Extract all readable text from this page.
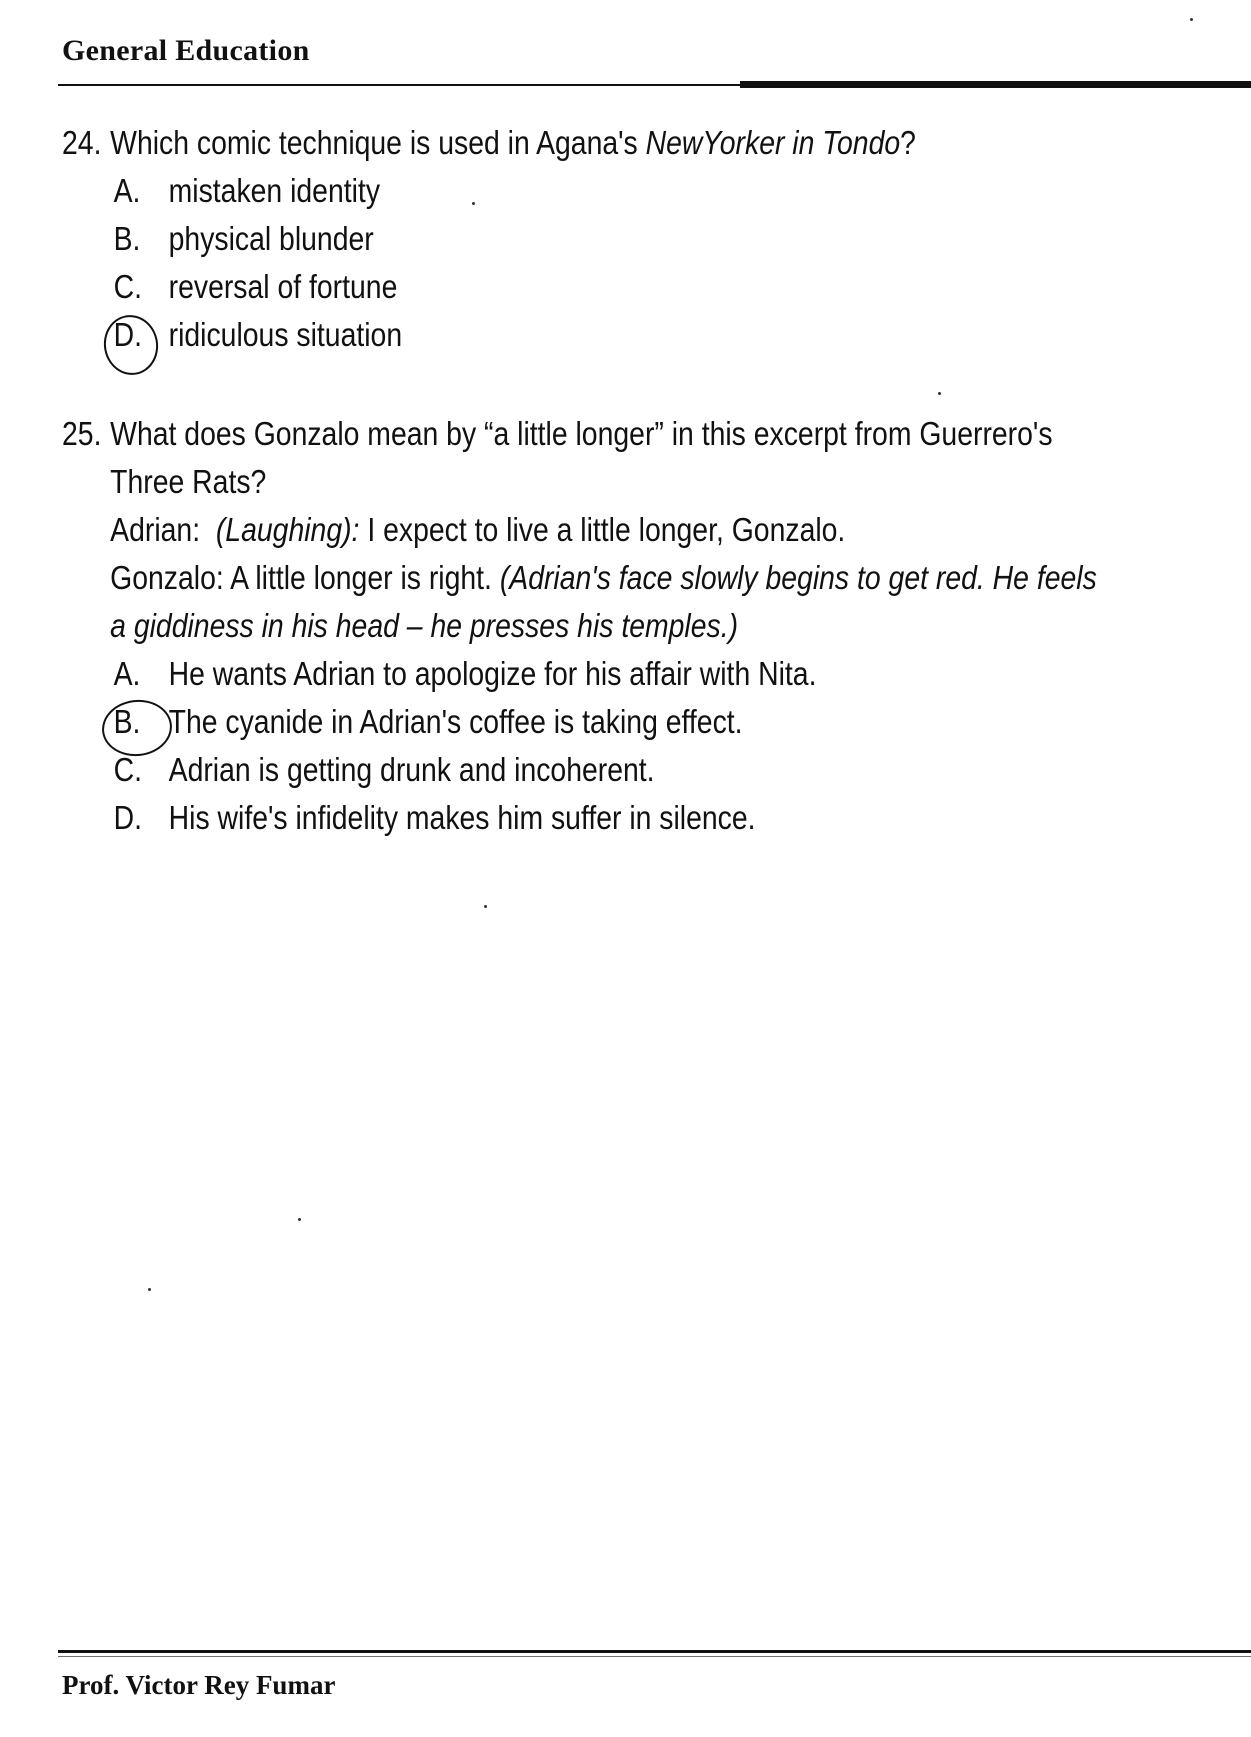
General Education
24. Which comic technique is used in Agana's NewYorker in Tondo?
A. mistaken identity
B. physical blunder
C. reversal of fortune
D. ridiculous situation
25. What does Gonzalo mean by “a little longer” in this excerpt from Guerrero's
Three Rats?
Adrian: (Laughing): I expect to live a little longer, Gonzalo.
Gonzalo: A little longer is right. (Adrian's face slowly begins to get red. He feels
a giddiness in his head – he presses his temples.)
A. He wants Adrian to apologize for his affair with Nita.
B. The cyanide in Adrian's coffee is taking effect.
C. Adrian is getting drunk and incoherent.
D. His wife's infidelity makes him suffer in silence.
Prof. Victor Rey Fumar
